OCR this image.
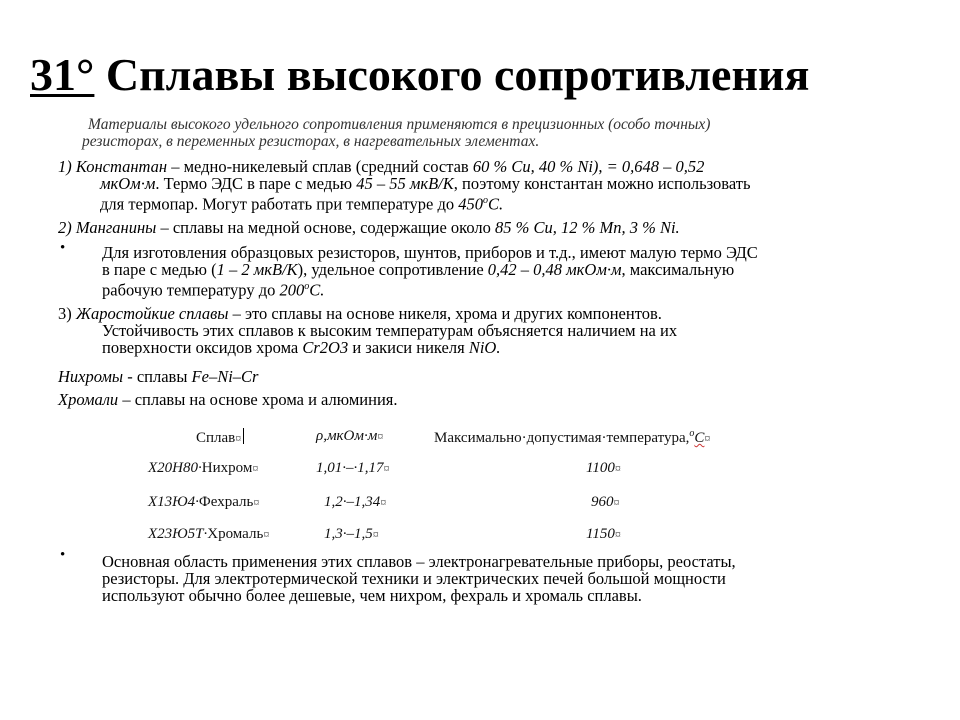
31° Сплавы высокого сопротивления
Материалы высокого удельного сопротивления применяются в прецизионных (особо точных)
резисторах, в переменных резисторах, в нагревательных элементах.
1) Константан – медно-никелевый сплав (средний состав 60 % Cu, 40 % Ni), = 0,648 – 0,52
мкОм·м. Термо ЭДС в паре с медью 45 – 55 мкВ/К, поэтому константан можно использовать
для термопар. Могут работать при температуре до $450^оС$.
2) Манганины – сплавы на медной основе, содержащие около 85 % Cu, 12 % Mn, 3 % Ni.
• Для изготовления образцовых резисторов, шунтов, приборов и т.д., имеют малую термо ЭДС
в паре с медью (1 – 2 мкВ/К), удельное сопротивление 0,42 – 0,48 мкОм·м, максимальную
рабочую температуру до $200^оС$.
3) Жаростойкие сплавы – это сплавы на основе никеля, хрома и других компонентов.
Устойчивость этих сплавов к высоким температурам объясняется наличием на их
поверхности оксидов хрома Cr2O3 и закиси никеля NiO.
Нихромы - сплавы Fe–Ni–Cr
Хромали – сплавы на основе хрома и алюминия.
Сплав¤	ρ,мкОм·м¤	Максимально·допустимая·температура,$^о$С¤
Х20Н80·Нихром¤	1,01·–·1,17¤	1100¤
Х13Ю4·Фехраль¤	1,2·–1,34¤	960¤
Х23Ю5Т·Хромаль¤	1,3·–1,5¤	1150¤
• Основная область применения этих сплавов – электронагревательные приборы, реостаты,
резисторы. Для электротермической техники и электрических печей большой мощности
используют обычно более дешевые, чем нихром, фехраль и хромаль сплавы.
